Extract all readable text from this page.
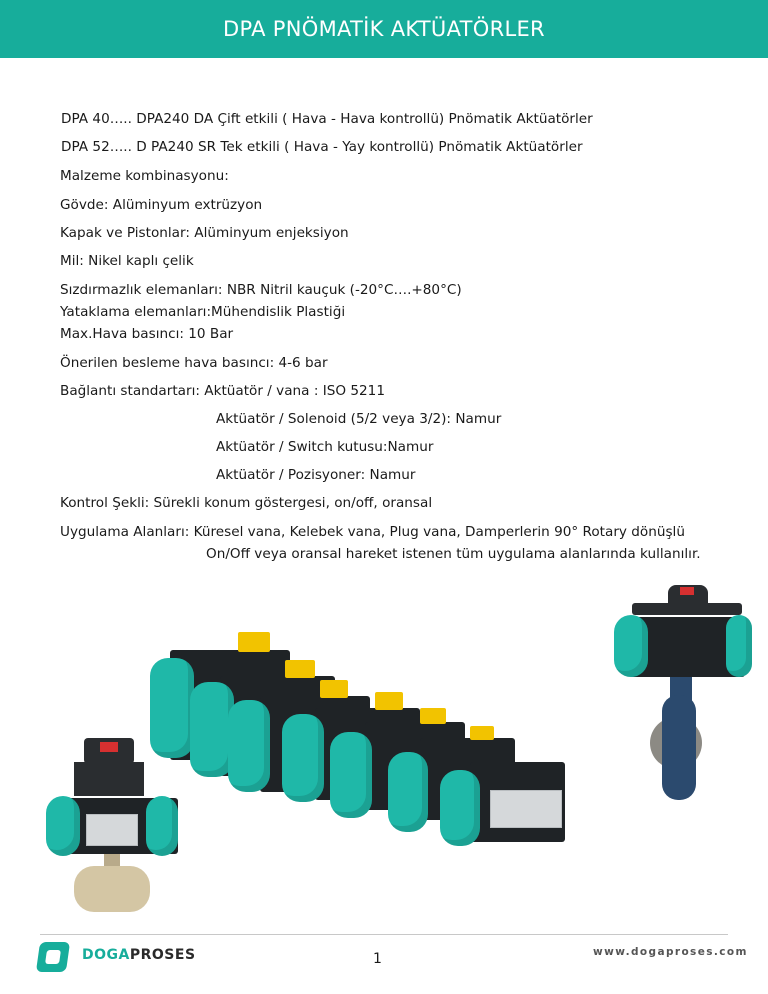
DPA PNÖMATİK AKTÜATÖRLER
DPA 40….. DPA240 DA Çift etkili ( Hava - Hava kontrollü) Pnömatik Aktüatörler
DPA 52….. D PA240 SR Tek etkili ( Hava - Yay kontrollü) Pnömatik Aktüatörler
Malzeme kombinasyonu:
Gövde: Alüminyum extrüzyon
Kapak ve Pistonlar: Alüminyum enjeksiyon
Mil: Nikel kaplı çelik
Sızdırmazlık elemanları: NBR Nitril kauçuk (-20°C….+80°C)
Yataklama elemanları:Mühendislik Plastiği
Max.Hava basıncı: 10 Bar
Önerilen besleme hava basıncı: 4-6 bar
Bağlantı standartarı: Aktüatör / vana : ISO 5211
Aktüatör / Solenoid (5/2 veya 3/2): Namur
Aktüatör / Switch kutusu:Namur
Aktüatör / Pozisyoner: Namur
Kontrol Şekli: Sürekli konum göstergesi, on/off, oransal
Uygulama Alanları: Küresel vana, Kelebek vana, Plug vana, Damperlerin 90° Rotary dönüşlü
On/Off veya oransal hareket istenen tüm uygulama alanlarında kullanılır.
DOGAPROSES	1	www.dogaproses.com
